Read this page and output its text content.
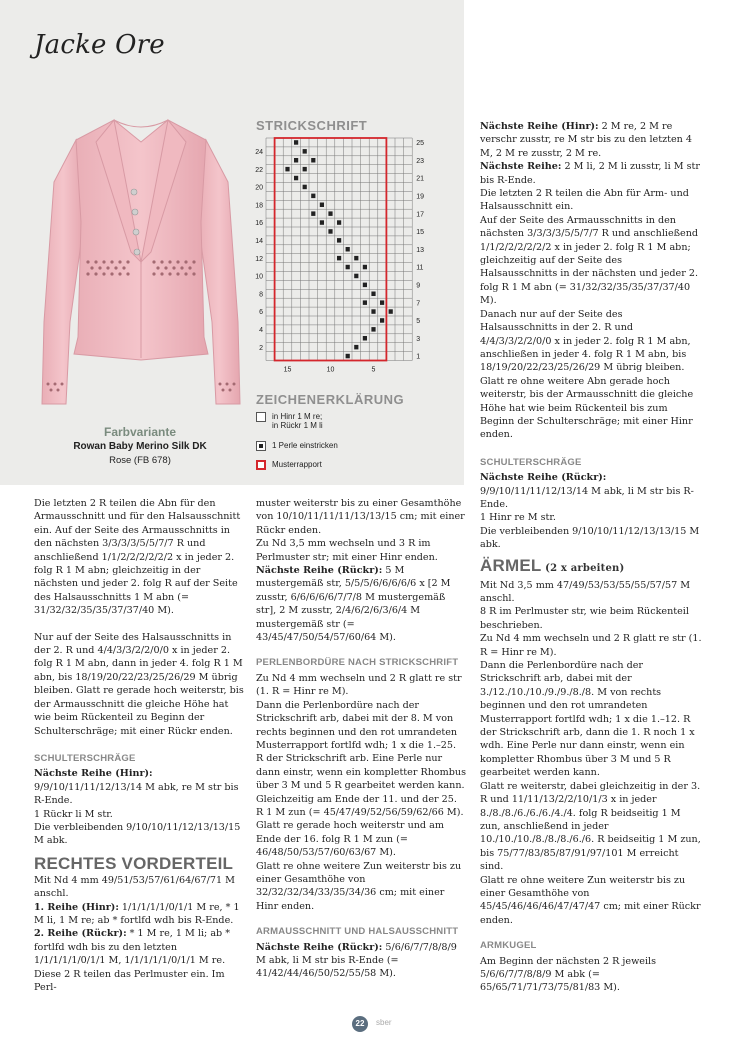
Jacke Ore
Farbvariante
Rowan Baby Merino Silk DK
Rose (FB 678)
STRICKSCHRIFT
24
22
20
18
16
14
12
10
8
6
4
2
25
23
21
19
17
15
13
11
9
7
5
3
1
15	10	5
ZEICHENERKLÄRUNG
in Hinr 1 M re;
in Rückr 1 M li
1 Perle einstricken
Musterrapport

Die letzten 2 R teilen die Abn für den Armausschnitt und für den Halsausschnitt ein. Auf der Seite des Armausschnitts in den nächsten 3/3/3/3/5/5/7/7 R und anschließend 1/1/2/2/2/2/2/2 x in jeder 2. folg R 1 M abn; gleichzeitig in der nächsten und jeder 2. folg R auf der Seite des Halsausschnitts 1 M abn (= 31/32/32/35/35/37/37/40 M).

Nur auf der Seite des Halsausschnitts in der 2. R und 4/4/3/3/2/2/0/0 x in jeder 2. folg R 1 M abn, dann in jeder 4. folg R 1 M abn, bis 18/19/20/22/23/25/26/29 M übrig bleiben. Glatt re gerade hoch weiterstr, bis der Armausschnitt die gleiche Höhe hat wie beim Rückenteil zu Beginn der Schulterschräge; mit einer Rückr enden.

SCHULTERSCHRÄGE

Nächste Reihe (Hinr): 9/9/10/11/11/12/13/14 M abk, re M str bis R-Ende.

1 Rückr li M str.

Die verbleibenden 9/10/10/11/12/13/13/15 M abk.

RECHTES VORDERTEIL

Mit Nd 4 mm 49/51/53/57/61/64/67/71 M anschl.

1. Reihe (Hinr): 1/1/1/1/1/0/1/1 M re, * 1 M li, 1 M re; ab * fortlfd wdh bis R-Ende.

2. Reihe (Rückr): * 1 M re, 1 M li; ab * fortlfd wdh bis zu den letzten 1/1/1/1/1/0/1/1 M, 1/1/1/1/1/0/1/1 M re.

Diese 2 R teilen das Perlmuster ein. Im Perl-

muster weiterstr bis zu einer Gesamthöhe von 10/10/11/11/11/13/13/15 cm; mit einer Rückr enden.

Zu Nd 3,5 mm wechseln und 3 R im Perlmuster str; mit einer Hinr enden.

Nächste Reihe (Rückr): 5 M mustergemäß str, 5/5/5/6/6/6/6/6 x [2 M zusstr, 6/6/6/6/6/7/7/8 M mustergemäß str], 2 M zusstr, 2/4/6/2/6/3/6/4 M mustergemäß str (= 43/45/47/50/54/57/60/64 M).

PERLENBORDÜRE NACH STRICKSCHRIFT

Zu Nd 4 mm wechseln und 2 R glatt re str (1. R = Hinr re M).

Dann die Perlenbordüre nach der Strickschrift arb, dabei mit der 8. M von rechts beginnen und den rot umrandeten Musterrapport fortlfd wdh; 1 x die 1.–25. R der Strickschrift arb. Eine Perle nur dann einstr, wenn ein kompletter Rhombus über 3 M und 5 R gearbeitet werden kann.

Gleichzeitig am Ende der 11. und der 25. R 1 M zun (= 45/47/49/52/56/59/62/66 M).

Glatt re gerade hoch weiterstr und am Ende der 16. folg R 1 M zun (= 46/48/50/53/57/60/63/67 M).

Glatt re ohne weitere Zun weiterstr bis zu einer Gesamthöhe von 32/32/32/34/33/35/34/36 cm; mit einer Hinr enden.

ARMAUSSCHNITT UND HALSAUSSCHNITT

Nächste Reihe (Rückr): 5/6/6/7/7/8/8/9 M abk, li M str bis R-Ende (= 41/42/44/46/50/52/55/58 M).

Nächste Reihe (Hinr): 2 M re, 2 M re verschr zusstr, re M str bis zu den letzten 4 M, 2 M re zusstr, 2 M re.

Nächste Reihe: 2 M li, 2 M li zusstr, li M str bis R-Ende.

Die letzten 2 R teilen die Abn für Arm- und Halsausschnitt ein.

Auf der Seite des Armausschnitts in den nächsten 3/3/3/3/5/5/7/7 R und anschließend 1/1/2/2/2/2/2/2 x in jeder 2. folg R 1 M abn; gleichzeitig auf der Seite des Halsausschnitts in der nächsten und jeder 2. folg R 1 M abn (= 31/32/32/35/35/37/37/40 M).

Danach nur auf der Seite des Halsausschnitts in der 2. R und 4/4/3/3/2/2/0/0 x in jeder 2. folg R 1 M abn, anschließen in jeder 4. folg R 1 M abn, bis 18/19/20/22/23/25/26/29 M übrig bleiben.

Glatt re ohne weitere Abn gerade hoch weiterstr, bis der Armausschnitt die gleiche Höhe hat wie beim Rückenteil bis zum Beginn der Schulterschräge; mit einer Hinr enden.

SCHULTERSCHRÄGE

Nächste Reihe (Rückr): 9/9/10/11/11/12/13/14 M abk, li M str bis R-Ende.

1 Hinr re M str.

Die verbleibenden 9/10/10/11/12/13/13/15 M abk.

ÄRMEL (2 x arbeiten)

Mit Nd 3,5 mm 47/49/53/53/55/55/57/57 M anschl.

8 R im Perlmuster str, wie beim Rückenteil beschrieben.

Zu Nd 4 mm wechseln und 2 R glatt re str (1. R = Hinr re M).

Dann die Perlenbordüre nach der Strickschrift arb, dabei mit der 3./12./10./10./9./9./8./8. M von rechts beginnen und den rot umrandeten Musterrapport fortlfd wdh; 1 x die 1.–12. R der Strickschrift arb, dann die 1. R noch 1 x wdh. Eine Perle nur dann einstr, wenn ein kompletter Rhombus über 3 M und 5 R gearbeitet werden kann.

Glatt re weiterstr, dabei gleichzeitig in der 3. R und 11/11/13/2/2/10/1/3 x in jeder 8./8./8./6./6./6./4./4. folg R beidseitig 1 M zun, anschließend in jeder 10./10./10./8./8./8./6./6. R beidseitig 1 M zun, bis 75/77/83/85/87/91/97/101 M erreicht sind.

Glatt re ohne weitere Zun weiterstr bis zu einer Gesamthöhe von 45/45/46/46/46/47/47/47 cm; mit einer Rückr enden.

ARMKUGEL

Am Beginn der nächsten 2 R jeweils 5/6/6/7/7/8/8/9 M abk (= 65/65/71/71/73/75/81/83 M).

22	sber
